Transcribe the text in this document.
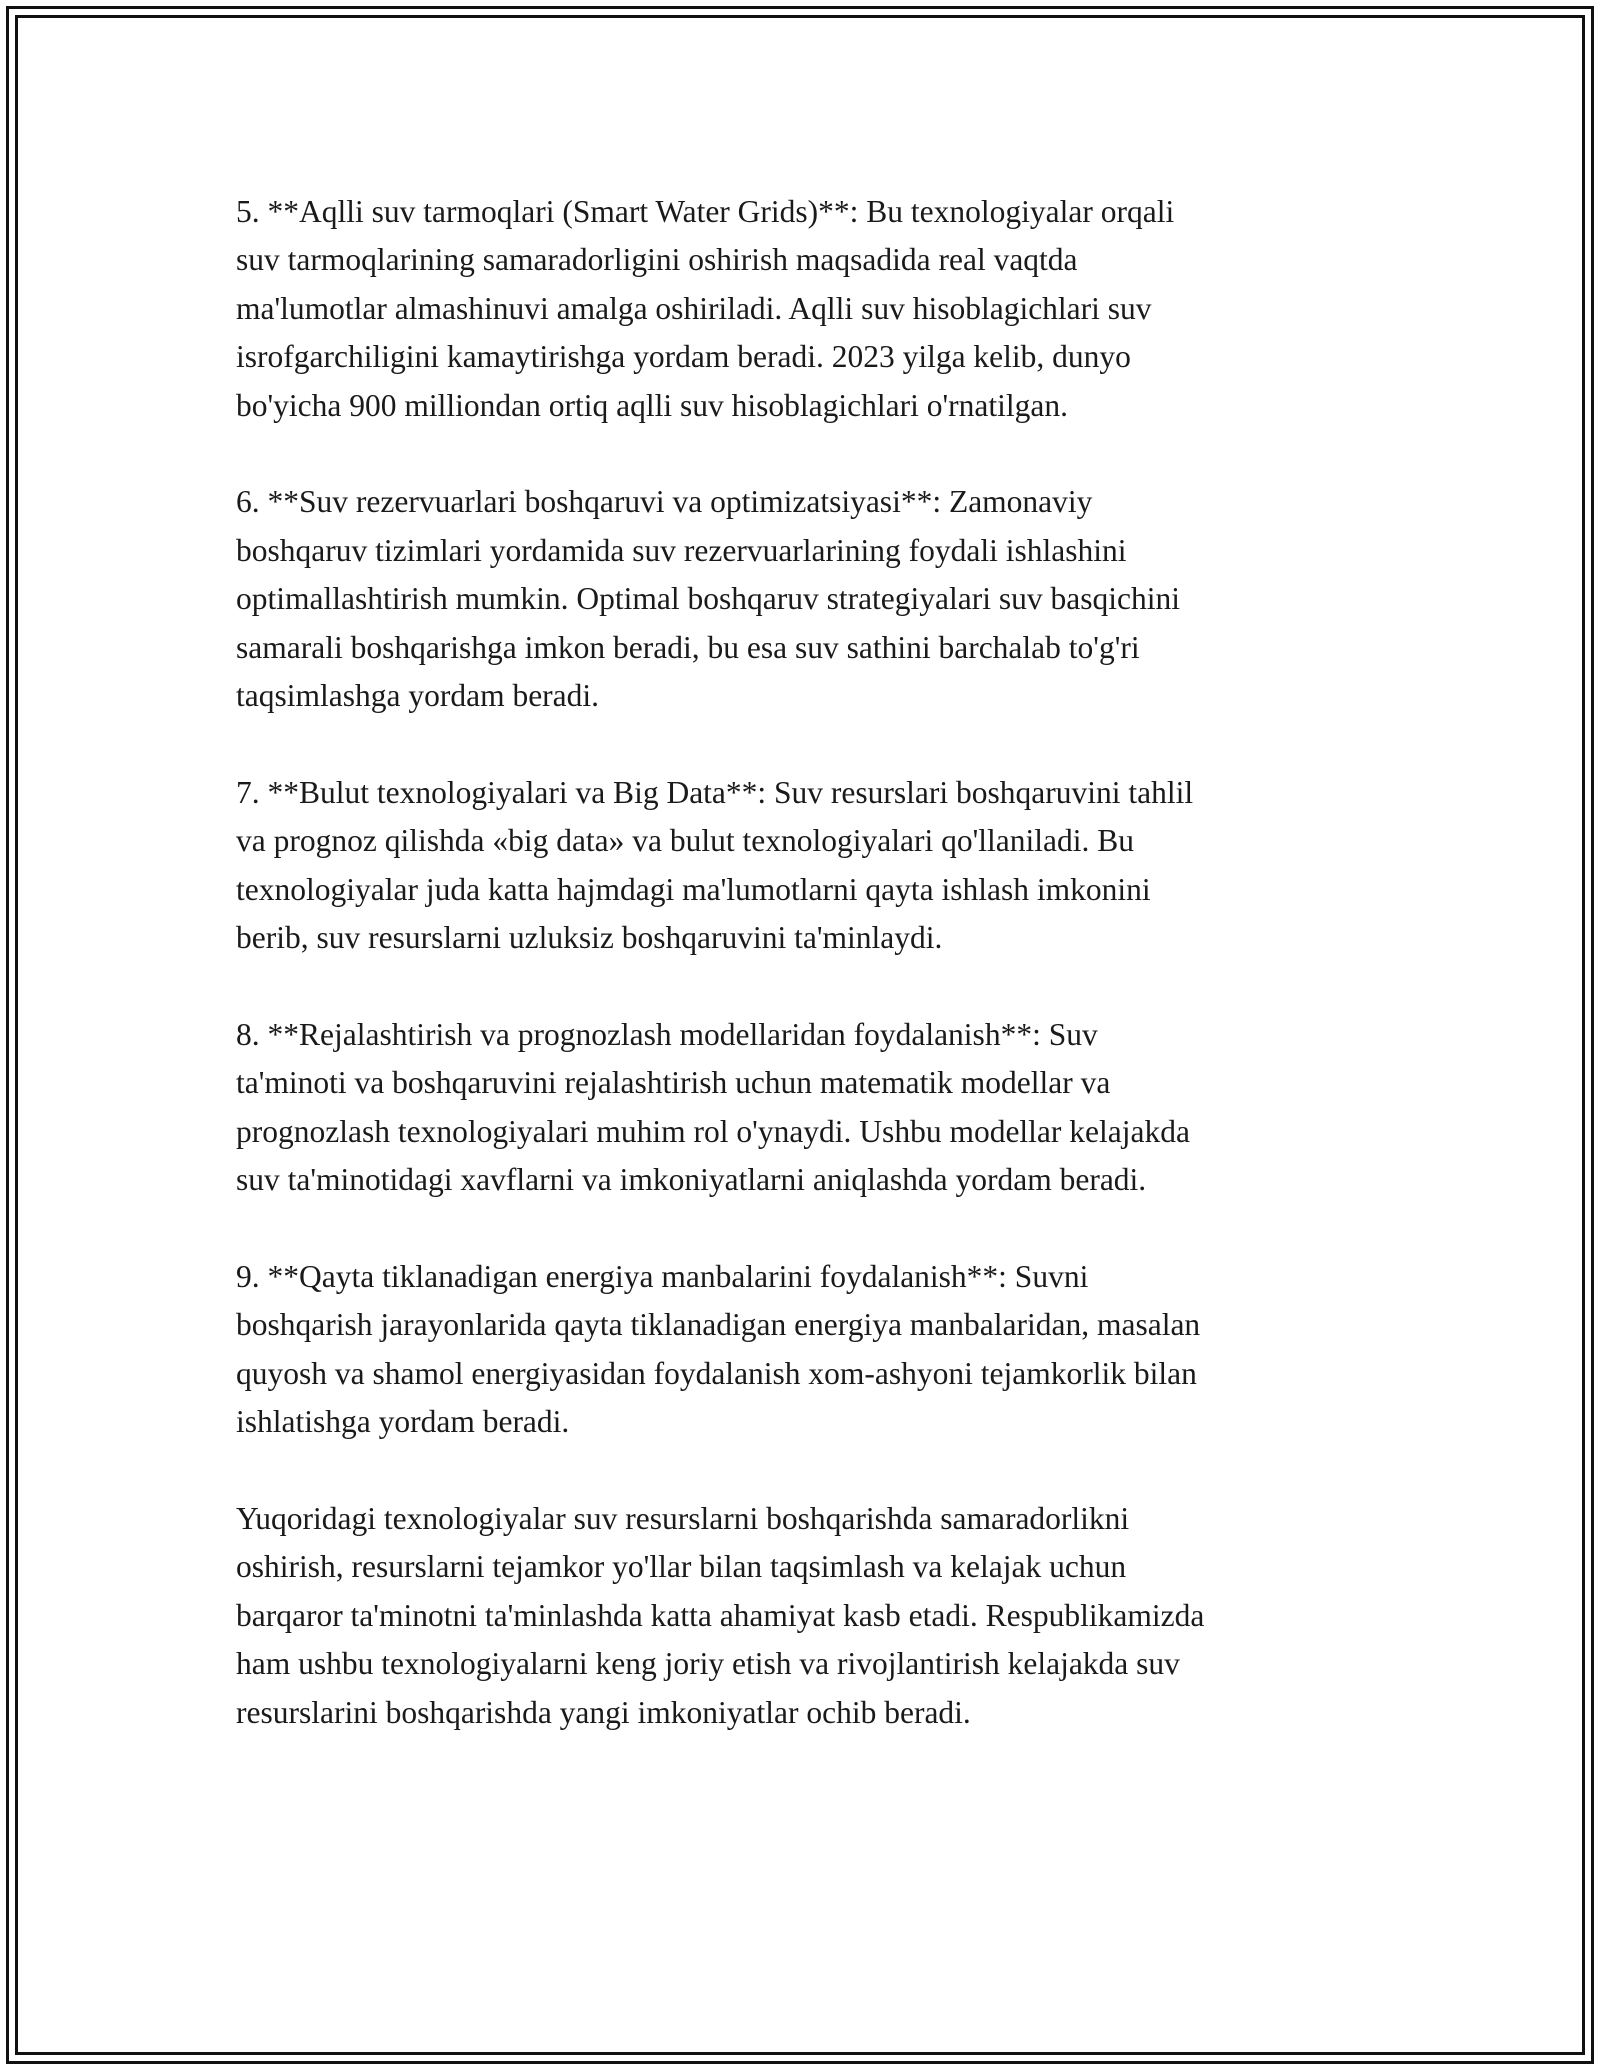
5. **Aqlli suv tarmoqlari (Smart Water Grids)**: Bu texnologiyalar orqali
suv tarmoqlarining samaradorligini oshirish maqsadida real vaqtda
ma'lumotlar almashinuvi amalga oshiriladi. Aqlli suv hisoblagichlari suv
isrofgarchiligini kamaytirishga yordam beradi. 2023 yilga kelib, dunyo
bo'yicha 900 milliondan ortiq aqlli suv hisoblagichlari o'rnatilgan.

6. **Suv rezervuarlari boshqaruvi va optimizatsiyasi**: Zamonaviy
boshqaruv tizimlari yordamida suv rezervuarlarining foydali ishlashini
optimallashtirish mumkin. Optimal boshqaruv strategiyalari suv basqichini
samarali boshqarishga imkon beradi, bu esa suv sathini barchalab to'g'ri
taqsimlashga yordam beradi.

7. **Bulut texnologiyalari va Big Data**: Suv resurslari boshqaruvini tahlil
va prognoz qilishda «big data» va bulut texnologiyalari qo'llaniladi. Bu
texnologiyalar juda katta hajmdagi ma'lumotlarni qayta ishlash imkonini
berib, suv resurslarni uzluksiz boshqaruvini ta'minlaydi.

8. **Rejalashtirish va prognozlash modellaridan foydalanish**: Suv
ta'minoti va boshqaruvini rejalashtirish uchun matematik modellar va
prognozlash texnologiyalari muhim rol o'ynaydi. Ushbu modellar kelajakda
suv ta'minotidagi xavflarni va imkoniyatlarni aniqlashda yordam beradi.

9. **Qayta tiklanadigan energiya manbalarini foydalanish**: Suvni
boshqarish jarayonlarida qayta tiklanadigan energiya manbalaridan, masalan
quyosh va shamol energiyasidan foydalanish xom-ashyoni tejamkorlik bilan
ishlatishga yordam beradi.

Yuqoridagi texnologiyalar suv resurslarni boshqarishda samaradorlikni
oshirish, resurslarni tejamkor yo'llar bilan taqsimlash va kelajak uchun
barqaror ta'minotni ta'minlashda katta ahamiyat kasb etadi. Respublikamizda
ham ushbu texnologiyalarni keng joriy etish va rivojlantirish kelajakda suv
resurslarini boshqarishda yangi imkoniyatlar ochib beradi.
